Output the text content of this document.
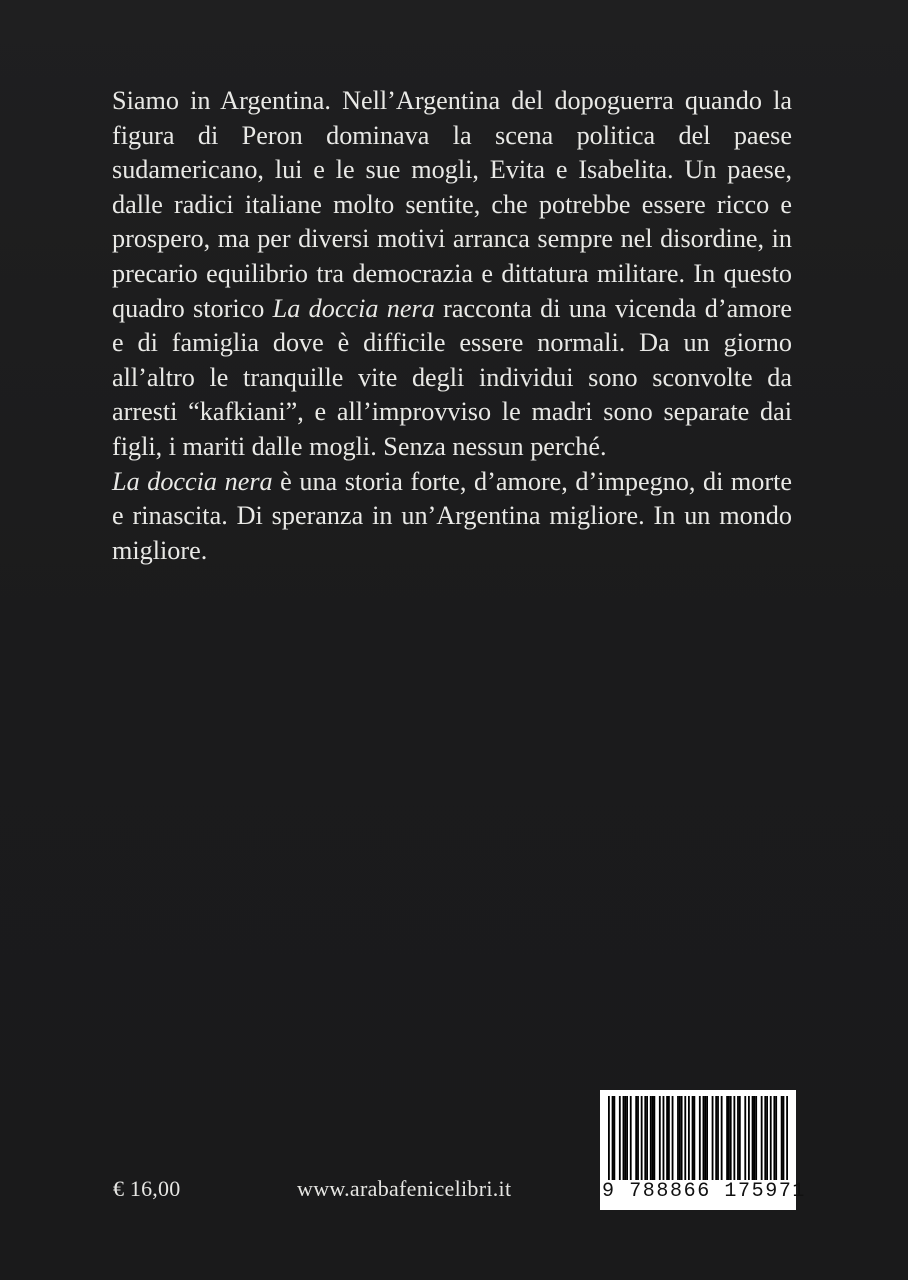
Siamo in Argentina. Nell’Argentina del dopoguerra quando la figura di Peron dominava la scena politica del paese sudamericano, lui e le sue mogli, Evita e Isabelita. Un paese, dalle radici italiane molto sentite, che potrebbe essere ricco e prospero, ma per diversi motivi arranca sempre nel disordine, in precario equilibrio tra democrazia e dittatura militare. In questo quadro storico La doccia nera racconta di una vicenda d’amore e di famiglia dove è difficile essere normali. Da un giorno all’altro le tranquille vite degli individui sono sconvolte da arresti “kafkiani”, e all’improvviso le madri sono separate dai figli, i mariti dalle mogli. Senza nessun perché.

La doccia nera è una storia forte, d’amore, d’impegno, di morte e rinascita. Di speranza in un’Argentina migliore. In un mondo migliore.

€ 16,00	www.arabafenicelibri.it	9 788866 175971
